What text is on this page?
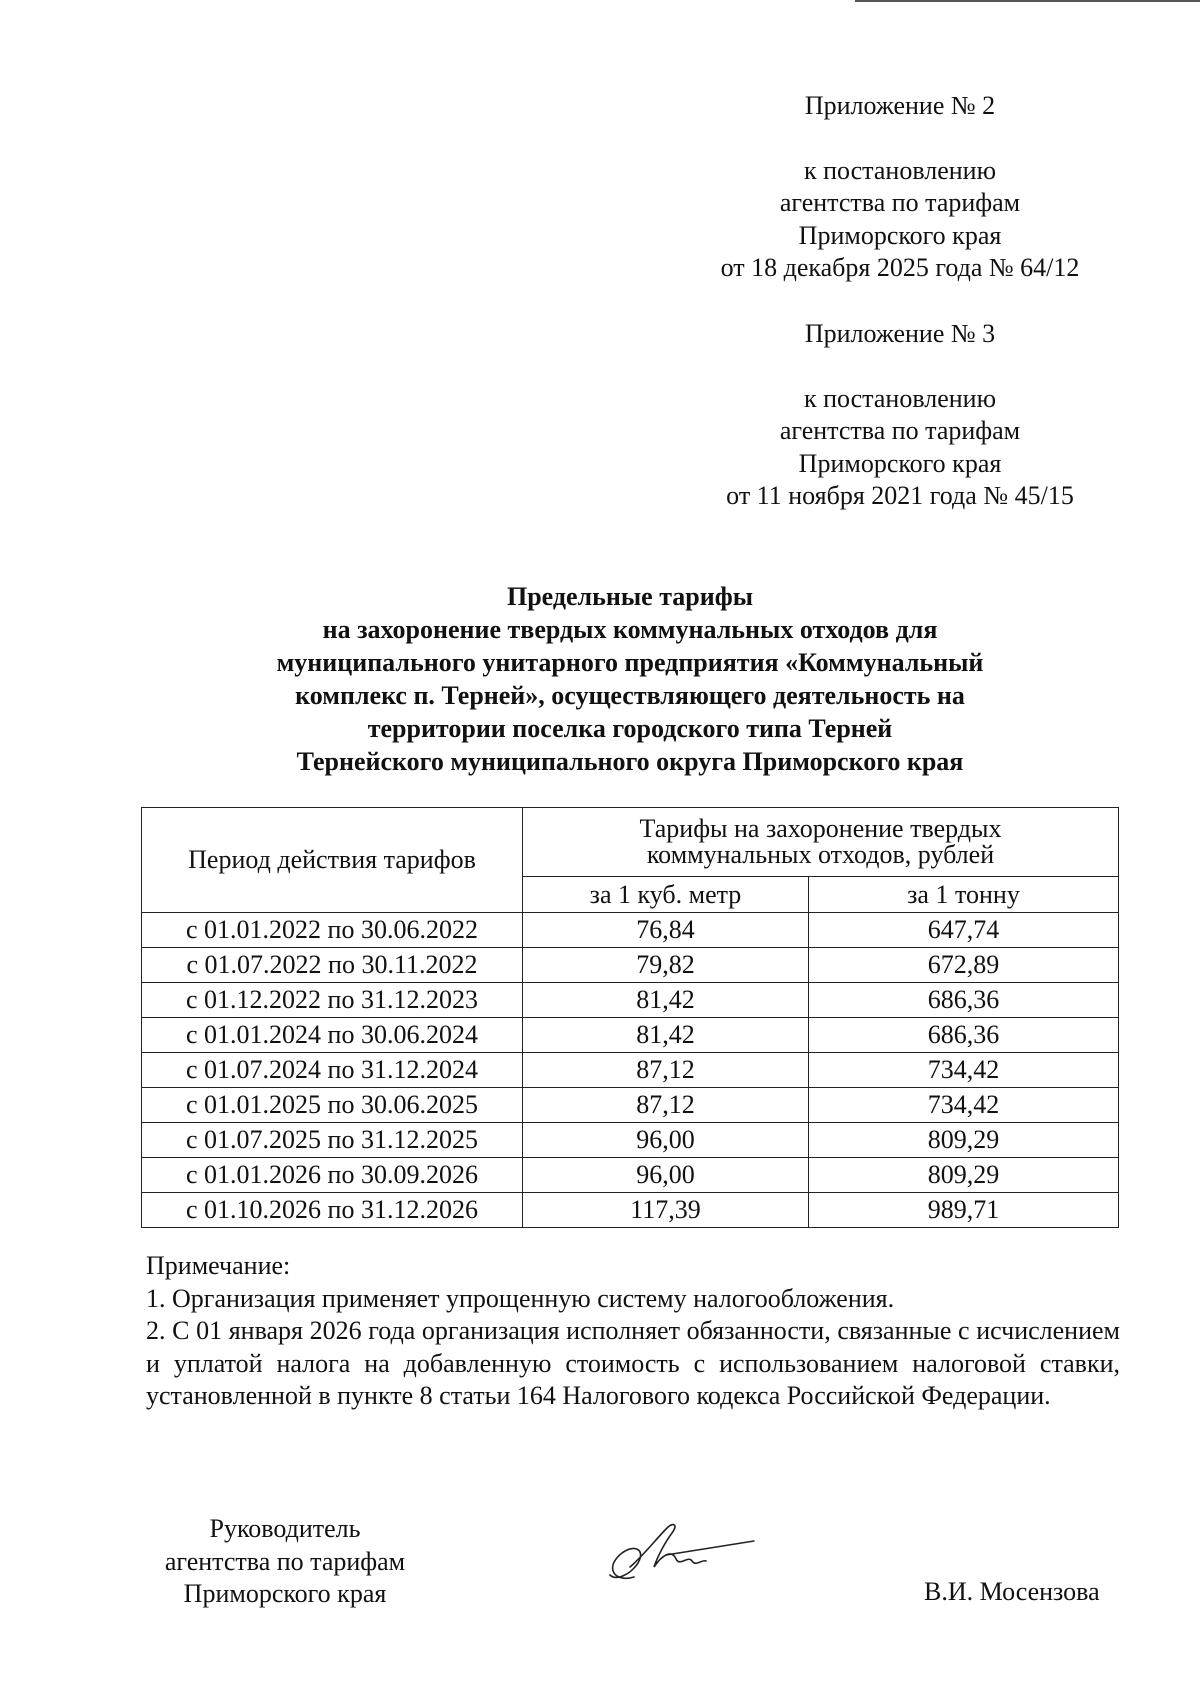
Приложение № 2
к постановлению
агентства по тарифам
Приморского края
от 18 декабря 2025 года № 64/12
Приложение № 3
к постановлению
агентства по тарифам
Приморского края
от 11 ноября 2021 года № 45/15
Предельные тарифы
на захоронение твердых коммунальных отходов для
муниципального унитарного предприятия «Коммунальный
комплекс п. Терней», осуществляющего деятельность на
территории поселка городского типа Терней
Тернейского муниципального округа Приморского края
Период действия тарифов	Тарифы на захоронение твердых коммунальных отходов, рублей	
	за 1 куб. метр	за 1 тонну
с 01.01.2022 по 30.06.2022	76,84	647,74
с 01.07.2022 по 30.11.2022	79,82	672,89
с 01.12.2022 по 31.12.2023	81,42	686,36
с 01.01.2024 по 30.06.2024	81,42	686,36
с 01.07.2024 по 31.12.2024	87,12	734,42
с 01.01.2025 по 30.06.2025	87,12	734,42
с 01.07.2025 по 31.12.2025	96,00	809,29
с 01.01.2026 по 30.09.2026	96,00	809,29
с 01.10.2026 по 31.12.2026	117,39	989,71

Примечание:

1. Организация применяет упрощенную систему налогообложения.

2. С 01 января 2026 года организация исполняет обязанности, связанные с исчислением и уплатой налога на добавленную стоимость с использованием налоговой ставки, установленной в пункте 8 статьи 164 Налогового кодекса Российской Федерации.

Руководитель
агентства по тарифам
Приморского края	В.И. Мосензова
